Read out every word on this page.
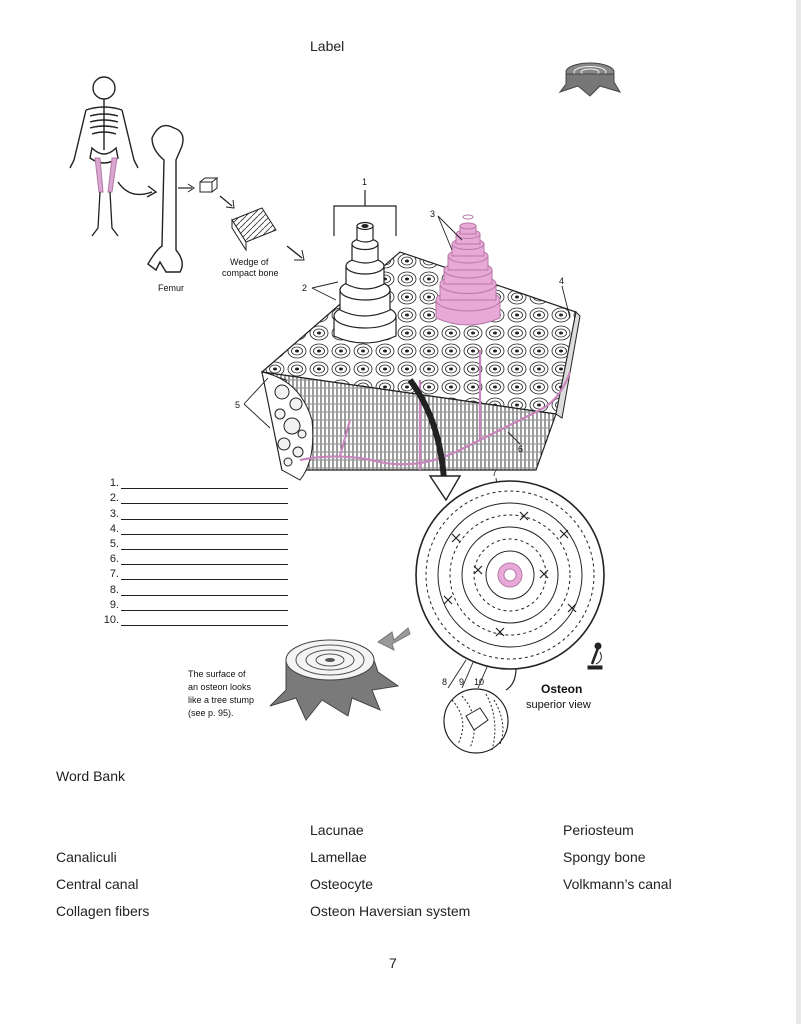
Label
Femur
Wedge of
compact bone
1
2
3
4
5
6
7
8 9 10	Osteon
superior view
The surface of
an osteon looks
like a tree stump
(see p. 95).
1.
2.
3.
4.
5.
6.
7.
8.
9.
10.
Word Bank
Canaliculi
Central canal
Collagen fibers
Lacunae
Lamellae
Osteocyte
Osteon Haversian system
Periosteum
Spongy bone
Volkmann’s canal
7
